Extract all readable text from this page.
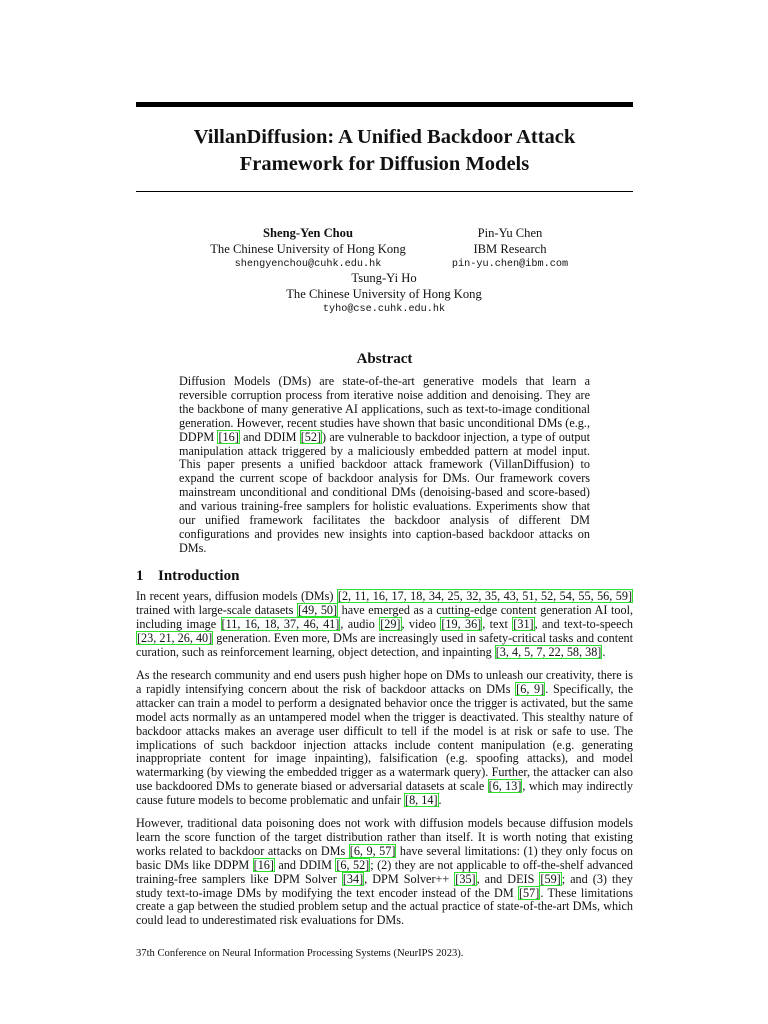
VillanDiffusion: A Unified Backdoor Attack
Framework for Diffusion Models
Sheng-Yen Chou
The Chinese University of Hong Kong
shengyenchou@cuhk.edu.hk
Pin-Yu Chen
IBM Research
pin-yu.chen@ibm.com
Tsung-Yi Ho
The Chinese University of Hong Kong
tyho@cse.cuhk.edu.hk
Abstract
Diffusion Models (DMs) are state-of-the-art generative models that learn a reversible corruption process from iterative noise addition and denoising. They are the backbone of many generative AI applications, such as text-to-image conditional generation. However, recent studies have shown that basic unconditional DMs (e.g., DDPM [16] and DDIM [52]) are vulnerable to backdoor injection, a type of output manipulation attack triggered by a maliciously embedded pattern at model input. This paper presents a unified backdoor attack framework (VillanDiffusion) to expand the current scope of backdoor analysis for DMs. Our framework covers mainstream unconditional and conditional DMs (denoising-based and score-based) and various training-free samplers for holistic evaluations. Experiments show that our unified framework facilitates the backdoor analysis of different DM configurations and provides new insights into caption-based backdoor attacks on DMs.
1 Introduction
In recent years, diffusion models (DMs) [2, 11, 16, 17, 18, 34, 25, 32, 35, 43, 51, 52, 54, 55, 56, 59] trained with large-scale datasets [49, 50] have emerged as a cutting-edge content generation AI tool, including image [11, 16, 18, 37, 46, 41], audio [29], video [19, 36], text [31], and text-to-speech [23, 21, 26, 40] generation. Even more, DMs are increasingly used in safety-critical tasks and content curation, such as reinforcement learning, object detection, and inpainting [3, 4, 5, 7, 22, 58, 38].
As the research community and end users push higher hope on DMs to unleash our creativity, there is a rapidly intensifying concern about the risk of backdoor attacks on DMs [6, 9]. Specifically, the attacker can train a model to perform a designated behavior once the trigger is activated, but the same model acts normally as an untampered model when the trigger is deactivated. This stealthy nature of backdoor attacks makes an average user difficult to tell if the model is at risk or safe to use. The implications of such backdoor injection attacks include content manipulation (e.g. generating inappropriate content for image inpainting), falsification (e.g. spoofing attacks), and model watermarking (by viewing the embedded trigger as a watermark query). Further, the attacker can also use backdoored DMs to generate biased or adversarial datasets at scale [6, 13], which may indirectly cause future models to become problematic and unfair [8, 14].
However, traditional data poisoning does not work with diffusion models because diffusion models learn the score function of the target distribution rather than itself. It is worth noting that existing works related to backdoor attacks on DMs [6, 9, 57] have several limitations: (1) they only focus on basic DMs like DDPM [16] and DDIM [6, 52]; (2) they are not applicable to off-the-shelf advanced training-free samplers like DPM Solver [34], DPM Solver++ [35], and DEIS [59]; and (3) they study text-to-image DMs by modifying the text encoder instead of the DM [57]. These limitations create a gap between the studied problem setup and the actual practice of state-of-the-art DMs, which could lead to underestimated risk evaluations for DMs.
37th Conference on Neural Information Processing Systems (NeurIPS 2023).
